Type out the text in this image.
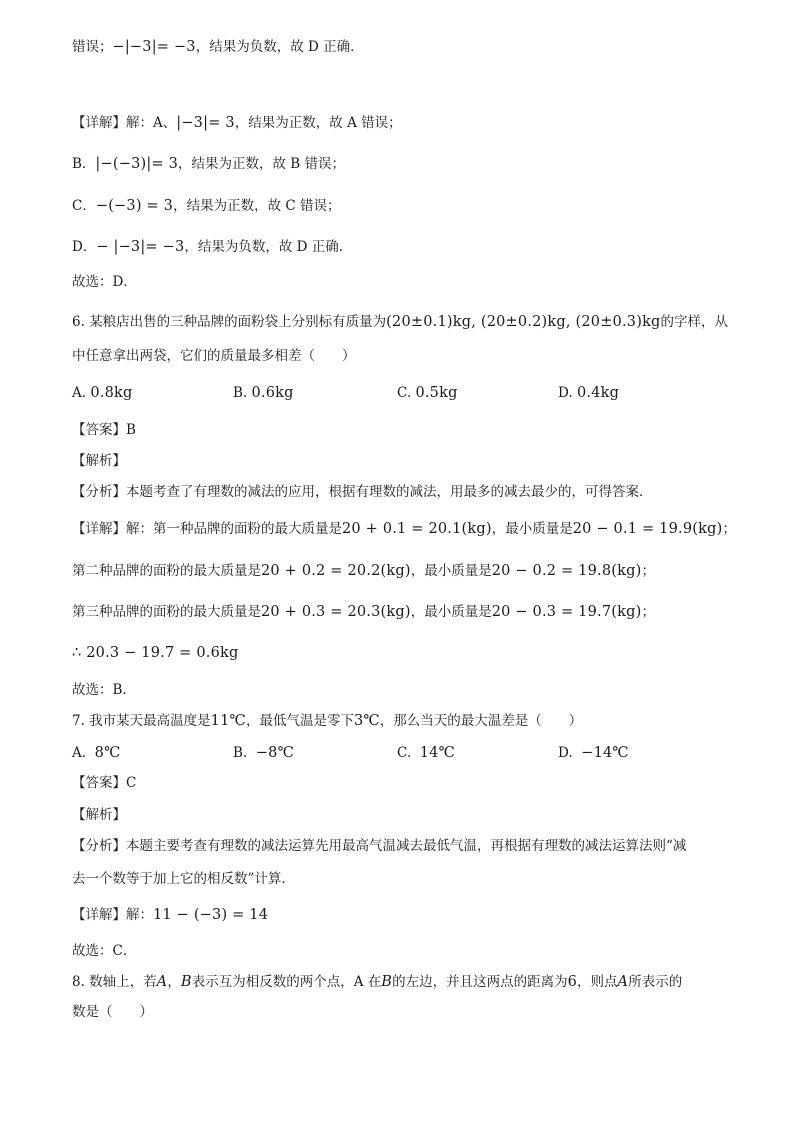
错误；−|−3|= −3，结果为负数，故 D 正确．
【详解】解：A、|−3|= 3，结果为正数，故 A 错误；
B．|−(−3)|= 3，结果为正数，故 B 错误；
C．−(−3) = 3，结果为正数，故 C 错误；
D．− |−3|= −3，结果为负数，故 D 正确．
故选：D．
6. 某粮店出售的三种品牌的面粉袋上分别标有质量为(20±0.1)kg, (20±0.2)kg, (20±0.3)kg的字样，从
中任意拿出两袋，它们的质量最多相差（　　）
A. 0.8kg	B. 0.6kg	C. 0.5kg	D. 0.4kg
【答案】B
【解析】
【分析】本题考查了有理数的减法的应用，根据有理数的减法，用最多的减去最少的，可得答案．
【详解】解：第一种品牌的面粉的最大质量是20 + 0.1 = 20.1(kg)，最小质量是20 − 0.1 = 19.9(kg)；
第二种品牌的面粉的最大质量是20 + 0.2 = 20.2(kg)，最小质量是20 − 0.2 = 19.8(kg)；
第三种品牌的面粉的最大质量是20 + 0.3 = 20.3(kg)，最小质量是20 − 0.3 = 19.7(kg)；
∴ 20.3 − 19.7 = 0.6kg
故选：B．
7. 我市某天最高温度是11℃，最低气温是零下3℃，那么当天的最大温差是（　　）
A. 8℃	B. −8℃	C. 14℃	D. −14℃
【答案】C
【解析】
【分析】本题主要考查有理数的减法运算先用最高气温减去最低气温，再根据有理数的减法运算法则“减
去一个数等于加上它的相反数”计算．
【详解】解：11 − (−3) = 14
故选：C．
8. 数轴上，若A，B表示互为相反数的两个点，A 在B的左边，并且这两点的距离为6，则点A所表示的
数是（　　）
